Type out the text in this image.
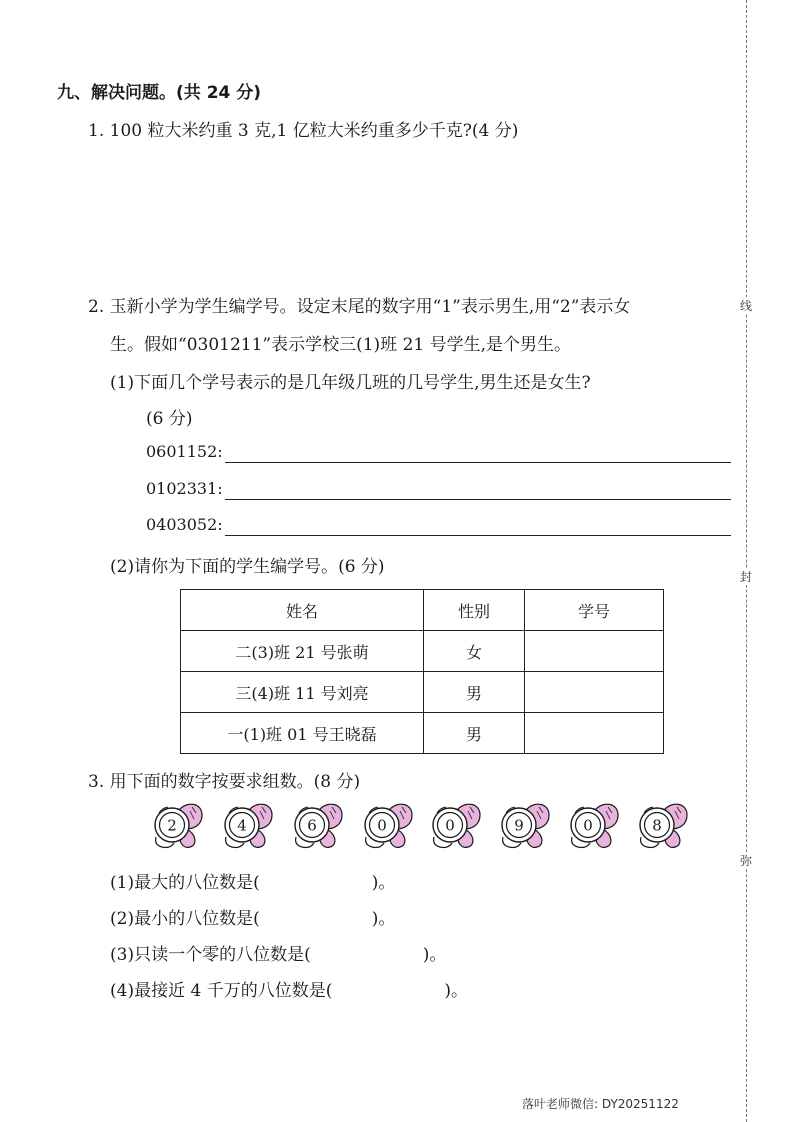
线
封
弥
九、解决问题。(共 24 分)
1. 100 粒大米约重 3 克,1 亿粒大米约重多少千克?(4 分)
2. 玉新小学为学生编学号。设定末尾的数字用“1”表示男生,用“2”表示女
生。假如“0301211”表示学校三(1)班 21 号学生,是个男生。
(1)下面几个学号表示的是几年级几班的几号学生,男生还是女生?
(6 分)
0601152:
0102331:
0403052:
(2)请你为下面的学生编学号。(6 分)
姓名	性别	学号
二(3)班 21 号张萌	女	
三(4)班 11 号刘亮	男	
一(1)班 01 号王晓磊	男	
3. 用下面的数字按要求组数。(8 分)
2	4	6	0	0	9	0	8
(1)最大的八位数是(	)。
(2)最小的八位数是(	)。
(3)只读一个零的八位数是(	)。
(4)最接近 4 千万的八位数是(	)。
落叶老师微信: DY20251122
